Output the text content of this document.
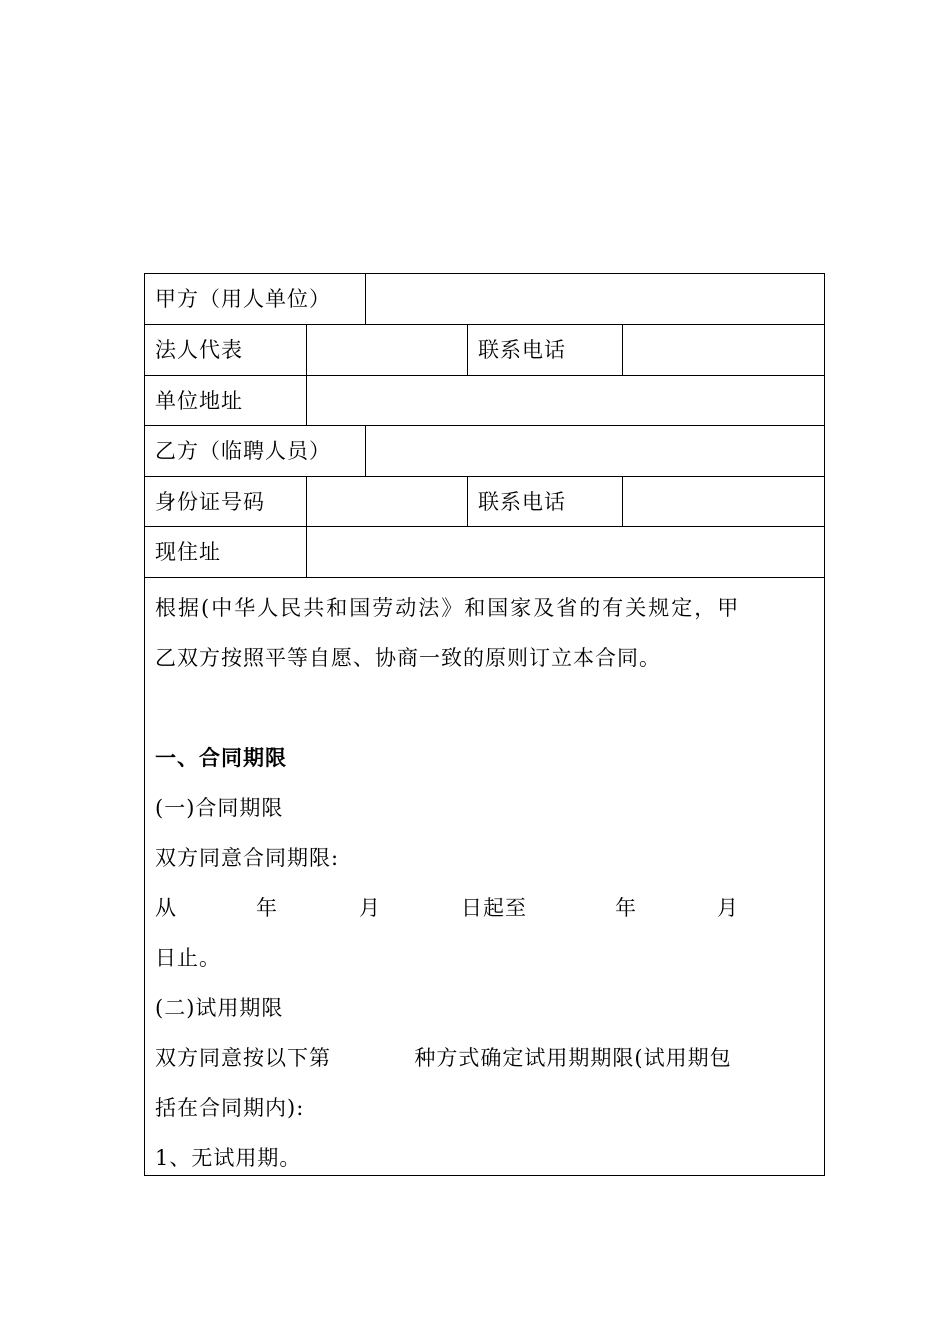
甲方（用人单位）
法人代表	联系电话
单位地址
乙方（临聘人员）
身份证号码	联系电话
现住址
根据(中华人民共和国劳动法》和国家及省的有关规定，甲
乙双方按照平等自愿、协商一致的原则订立本合同。
一、合同期限
(一)合同期限
双方同意合同期限:
从	年	月	日起至	年	月
日止。
(二)试用期限
双方同意按以下第	种方式确定试用期期限(试用期包
括在合同期内):
1、无试用期。
